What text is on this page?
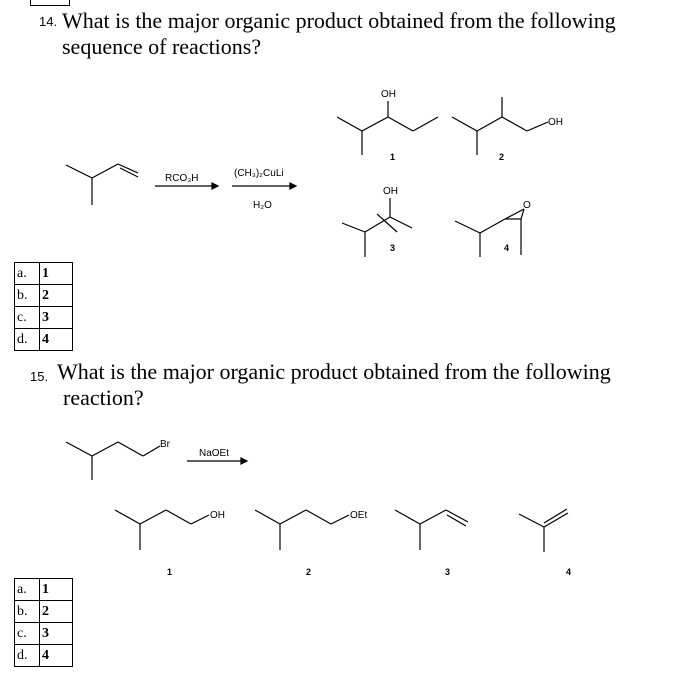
14. What is the major organic product obtained from the following
sequence of reactions?
RCO₃H	(CH₃)₂CuLi
H₂O
OH
OH
OH
O
1	2
3	4
a.	1
b.	2
c.	3
d.	4
15. What is the major organic product obtained from the following
reaction?
Br
NaOEt
OH	OEt
1	2	3	4
a.	1
b.	2
c.	3
d.	4
